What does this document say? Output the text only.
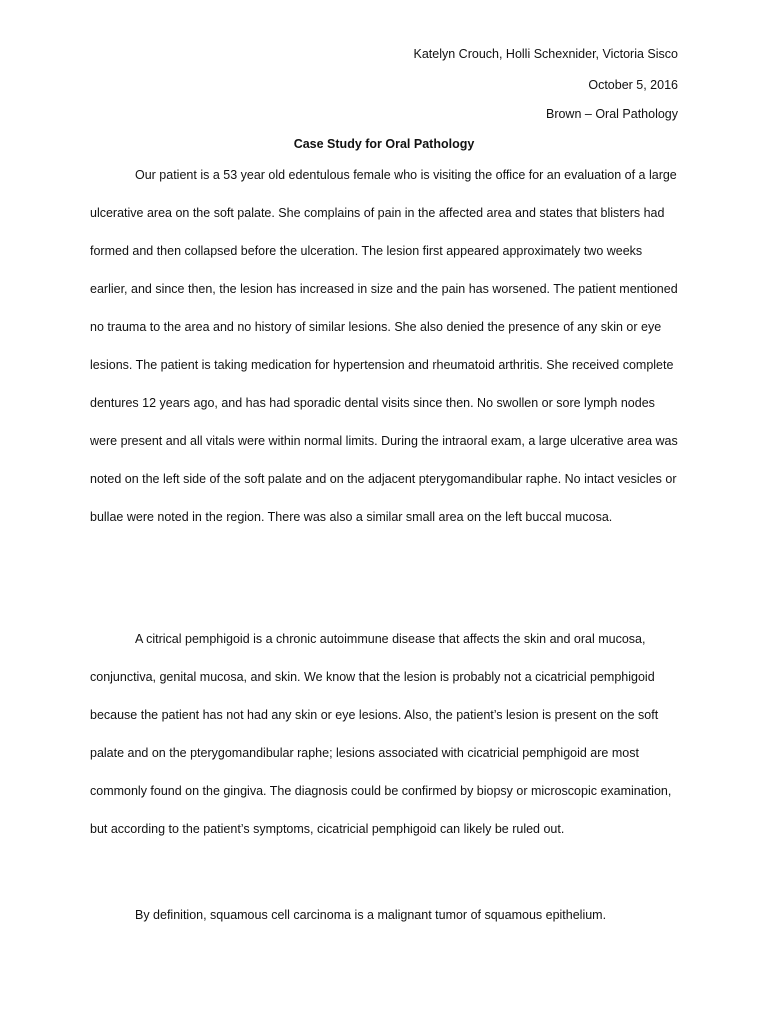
Katelyn Crouch, Holli Schexnider, Victoria Sisco
October 5, 2016
Brown – Oral Pathology
Case Study for Oral Pathology

Our patient is a 53 year old edentulous female who is visiting the office for an evaluation of a large ulcerative area on the soft palate. She complains of pain in the affected area and states that blisters had formed and then collapsed before the ulceration. The lesion first appeared approximately two weeks earlier, and since then, the lesion has increased in size and the pain has worsened. The patient mentioned no trauma to the area and no history of similar lesions. She also denied the presence of any skin or eye lesions. The patient is taking medication for hypertension and rheumatoid arthritis. She received complete dentures 12 years ago, and has had sporadic dental visits since then. No swollen or sore lymph nodes were present and all vitals were within normal limits. During the intraoral exam, a large ulcerative area was noted on the left side of the soft palate and on the adjacent pterygomandibular raphe. No intact vesicles or bullae were noted in the region. There was also a similar small area on the left buccal mucosa.

A citrical pemphigoid is a chronic autoimmune disease that affects the skin and oral mucosa, conjunctiva, genital mucosa, and skin. We know that the lesion is probably not a cicatricial pemphigoid because the patient has not had any skin or eye lesions. Also, the patient’s lesion is present on the soft palate and on the pterygomandibular raphe; lesions associated with cicatricial pemphigoid are most commonly found on the gingiva. The diagnosis could be confirmed by biopsy or microscopic examination, but according to the patient’s symptoms, cicatricial pemphigoid can likely be ruled out.

By definition, squamous cell carcinoma is a malignant tumor of squamous epithelium.
